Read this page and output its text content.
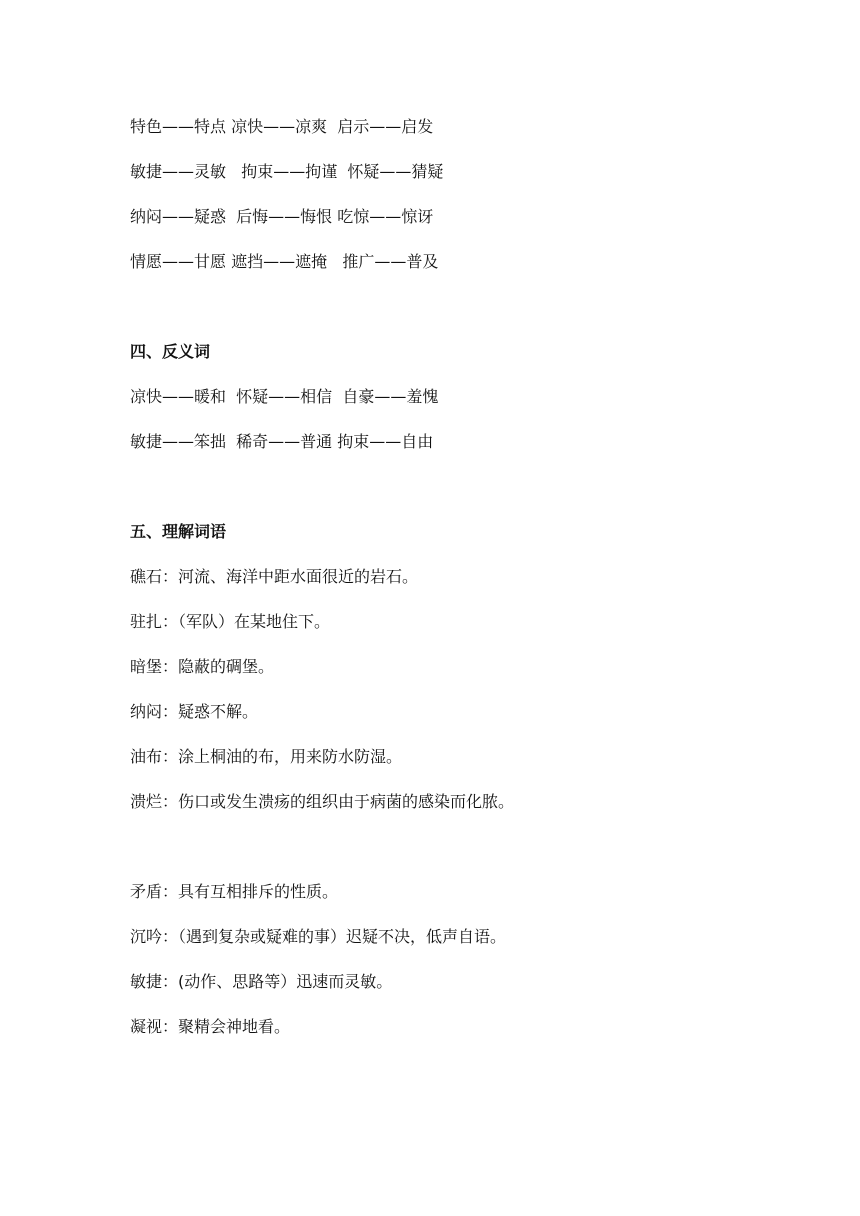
特色——特点 凉快——凉爽  启示——启发
敏捷——灵敏   拘束——拘谨  怀疑——猜疑
纳闷——疑惑  后悔——悔恨 吃惊——惊讶
情愿——甘愿 遮挡——遮掩   推广——普及
四、反义词
凉快——暖和  怀疑——相信  自豪——羞愧
敏捷——笨拙  稀奇——普通 拘束——自由
五、理解词语
礁石：河流、海洋中距水面很近的岩石。
驻扎：（军队）在某地住下。
暗堡：隐蔽的碉堡。
纳闷：疑惑不解。
油布：涂上桐油的布，用来防水防湿。
溃烂：伤口或发生溃疡的组织由于病菌的感染而化脓。
矛盾：具有互相排斥的性质。
沉吟：（遇到复杂或疑难的事）迟疑不决，低声自语。
敏捷：(动作、思路等）迅速而灵敏。
凝视：聚精会神地看。
